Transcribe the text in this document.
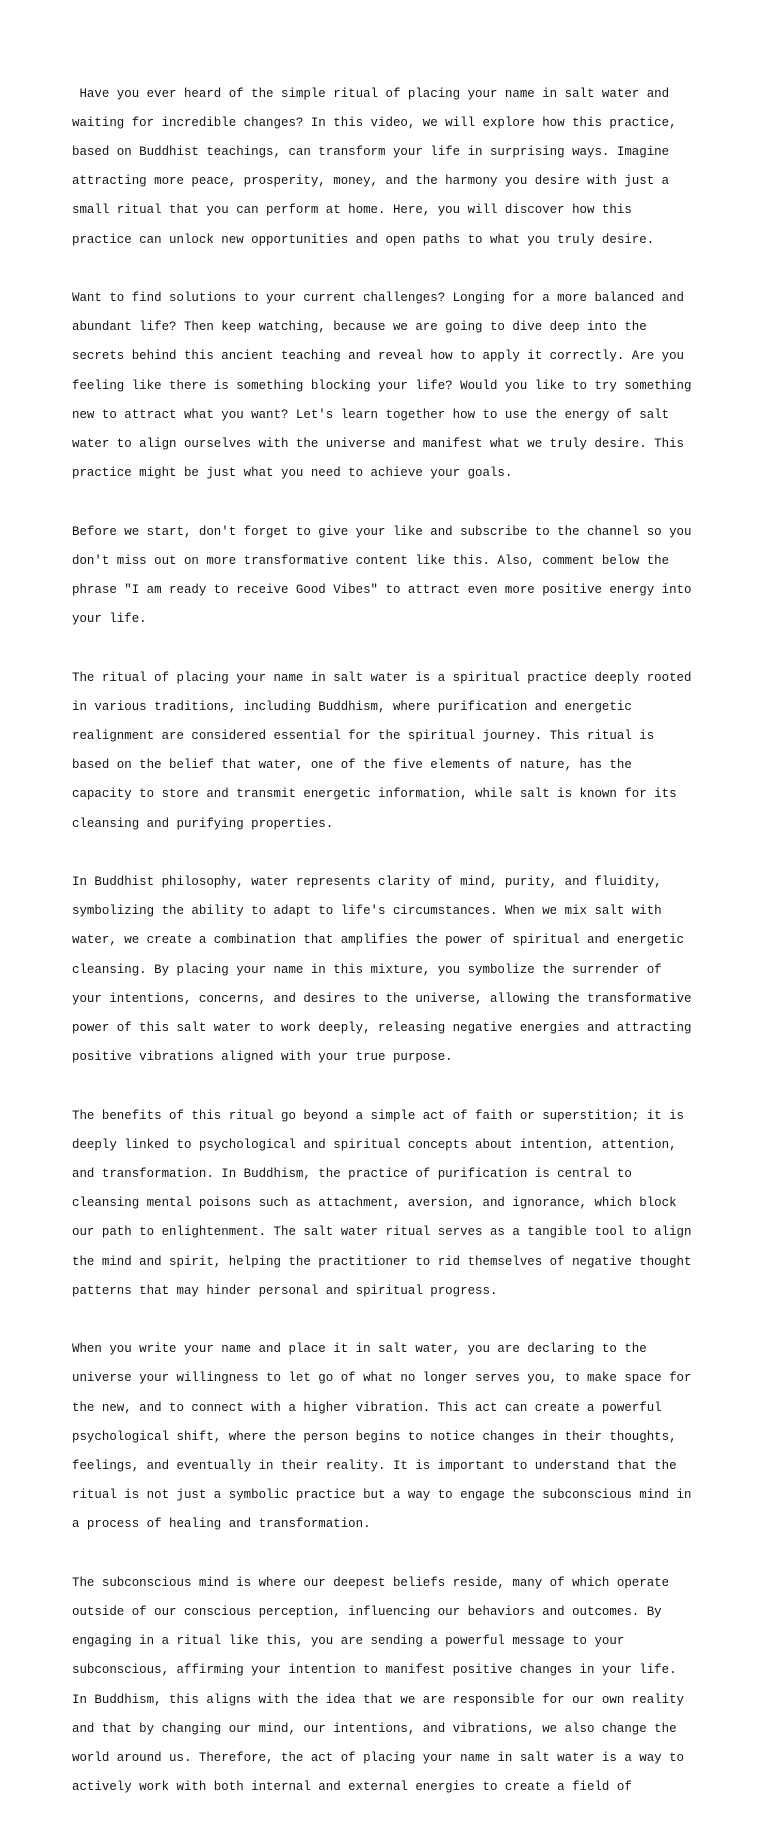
Have you ever heard of the simple ritual of placing your name in salt water and

waiting for incredible changes? In this video, we will explore how this practice,

based on Buddhist teachings, can transform your life in surprising ways. Imagine

attracting more peace, prosperity, money, and the harmony you desire with just a

small ritual that you can perform at home. Here, you will discover how this

practice can unlock new opportunities and open paths to what you truly desire.

Want to find solutions to your current challenges? Longing for a more balanced and

abundant life? Then keep watching, because we are going to dive deep into the

secrets behind this ancient teaching and reveal how to apply it correctly. Are you

feeling like there is something blocking your life? Would you like to try something

new to attract what you want? Let's learn together how to use the energy of salt

water to align ourselves with the universe and manifest what we truly desire. This

practice might be just what you need to achieve your goals.

Before we start, don't forget to give your like and subscribe to the channel so you

don't miss out on more transformative content like this. Also, comment below the

phrase "I am ready to receive Good Vibes" to attract even more positive energy into

your life.

The ritual of placing your name in salt water is a spiritual practice deeply rooted

in various traditions, including Buddhism, where purification and energetic

realignment are considered essential for the spiritual journey. This ritual is

based on the belief that water, one of the five elements of nature, has the

capacity to store and transmit energetic information, while salt is known for its

cleansing and purifying properties.

In Buddhist philosophy, water represents clarity of mind, purity, and fluidity,

symbolizing the ability to adapt to life's circumstances. When we mix salt with

water, we create a combination that amplifies the power of spiritual and energetic

cleansing. By placing your name in this mixture, you symbolize the surrender of

your intentions, concerns, and desires to the universe, allowing the transformative

power of this salt water to work deeply, releasing negative energies and attracting

positive vibrations aligned with your true purpose.

The benefits of this ritual go beyond a simple act of faith or superstition; it is

deeply linked to psychological and spiritual concepts about intention, attention,

and transformation. In Buddhism, the practice of purification is central to

cleansing mental poisons such as attachment, aversion, and ignorance, which block

our path to enlightenment. The salt water ritual serves as a tangible tool to align

the mind and spirit, helping the practitioner to rid themselves of negative thought

patterns that may hinder personal and spiritual progress.

When you write your name and place it in salt water, you are declaring to the

universe your willingness to let go of what no longer serves you, to make space for

the new, and to connect with a higher vibration. This act can create a powerful

psychological shift, where the person begins to notice changes in their thoughts,

feelings, and eventually in their reality. It is important to understand that the

ritual is not just a symbolic practice but a way to engage the subconscious mind in

a process of healing and transformation.

The subconscious mind is where our deepest beliefs reside, many of which operate

outside of our conscious perception, influencing our behaviors and outcomes. By

engaging in a ritual like this, you are sending a powerful message to your

subconscious, affirming your intention to manifest positive changes in your life.

In Buddhism, this aligns with the idea that we are responsible for our own reality

and that by changing our mind, our intentions, and vibrations, we also change the

world around us. Therefore, the act of placing your name in salt water is a way to

actively work with both internal and external energies to create a field of
